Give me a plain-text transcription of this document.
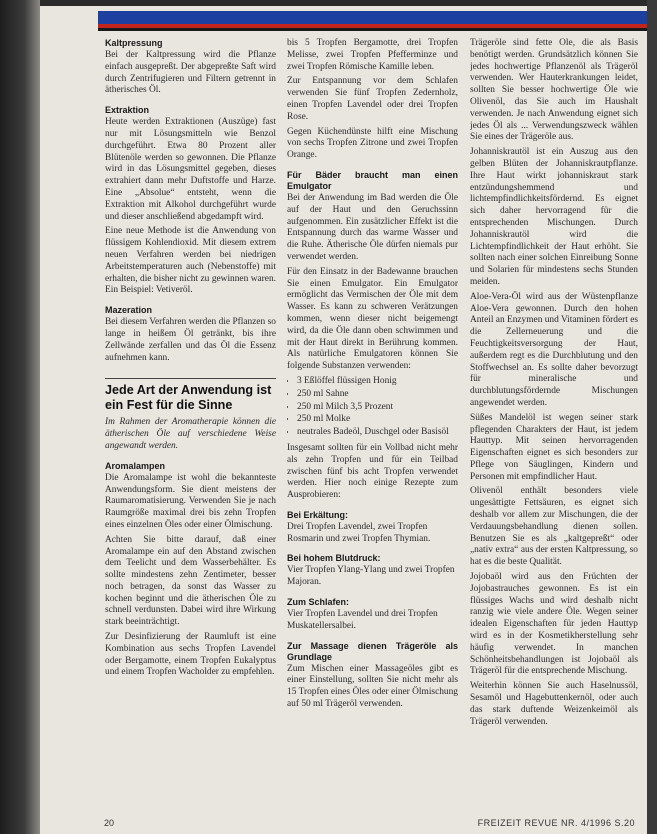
Kaltpressung

Bei der Kaltpressung wird die Pflanze einfach ausgepreßt. Der abgepreßte Saft wird durch Zentrifugieren und Filtern getrennt in ätherisches Öl.

Extraktion

Heute werden Extraktionen (Auszüge) fast nur mit Lösungsmitteln wie Benzol durchgeführt. Etwa 80 Prozent aller Blütenöle werden so gewonnen. Die Pflanze wird in das Lösungsmittel gegeben, dieses extrahiert dann mehr Duftstoffe und Harze. Eine „Absolue“ entsteht, wenn die Extraktion mit Alkohol durchgeführt wurde und dieser anschließend abgedampft wird.

Eine neue Methode ist die Anwendung von flüssigem Kohlendioxid. Mit diesem extrem neuen Verfahren werden bei niedrigen Arbeitstemperaturen auch (Nebenstoffe) mit erhalten, die bisher nicht zu gewinnen waren. Ein Beispiel: Vetiveröl.

Mazeration

Bei diesem Verfahren werden die Pflanzen so lange in heißem Öl getränkt, bis ihre Zellwände zerfallen und das Öl die Essenz aufnehmen kann.

Jede Art der Anwendung ist ein Fest für die Sinne

Im Rahmen der Aromatherapie können die ätherischen Öle auf verschiedene Weise angewandt werden.

Aromalampen

Die Aromalampe ist wohl die bekannteste Anwendungsform. Sie dient meistens der Raumaromatisierung. Verwenden Sie je nach Raumgröße maximal drei bis zehn Tropfen eines einzelnen Öles oder einer Ölmischung.

Achten Sie bitte darauf, daß einer Aromalampe ein auf den Abstand zwischen dem Teelicht und dem Wasserbehälter. Es sollte mindestens zehn Zentimeter, besser noch betragen, da sonst das Wasser zu kochen beginnt und die ätherischen Öle zu schnell verdunsten. Dabei wird ihre Wirkung stark beeinträchtigt.

Zur Desinfizierung der Raumluft ist eine Kombination aus sechs Tropfen Lavendel oder Bergamotte, einem Tropfen Eukalyptus und einem Tropfen Wacholder zu empfehlen.

bis 5 Tropfen Bergamotte, drei Tropfen Melisse, zwei Tropfen Pfefferminze und zwei Tropfen Römische Kamille leben.

Zur Entspannung vor dem Schlafen verwenden Sie fünf Tropfen Zedernholz, einen Tropfen Lavendel oder drei Tropfen Rose.

Gegen Küchendünste hilft eine Mischung von sechs Tropfen Zitrone und zwei Tropfen Orange.

Für Bäder braucht man einen Emulgator

Bei der Anwendung im Bad werden die Öle auf der Haut und den Geruchssinn aufgenommen. Ein zusätzlicher Effekt ist die Entspannung durch das warme Wasser und die Ruhe. Ätherische Öle dürfen niemals pur verwendet werden.

Für den Einsatz in der Badewanne brauchen Sie einen Emulgator. Ein Emulgator ermöglicht das Vermischen der Öle mit dem Wasser. Es kann zu schweren Verätzungen kommen, wenn dieser nicht beigemengt wird, da die Öle dann oben schwimmen und mit der Haut direkt in Berührung kommen. Als natürliche Emulgatoren können Sie folgende Substanzen verwenden:

• 3 Eßlöffel flüssigen Honig
• 250 ml Sahne
• 250 ml Milch 3,5 Prozent
• 250 ml Molke
• neutrales Badeöl, Duschgel oder Basisöl

Insgesamt sollten für ein Vollbad nicht mehr als zehn Tropfen und für ein Teilbad zwischen fünf bis acht Tropfen verwendet werden. Hier noch einige Rezepte zum Ausprobieren:

Bei Erkältung:

Drei Tropfen Lavendel, zwei Tropfen Rosmarin und zwei Tropfen Thymian.

Bei hohem Blutdruck:

Vier Tropfen Ylang-Ylang und zwei Tropfen Majoran.

Zum Schlafen:

Vier Tropfen Lavendel und drei Tropfen Muskatellersalbei.

Zur Massage dienen Trägeröle als Grundlage

Zum Mischen einer Massageöles gibt es einer Einstellung, sollten Sie nicht mehr als 15 Tropfen eines Öles oder einer Ölmischung auf 50 ml Trägeröl verwenden.

Trägeröle sind fette Öle, die als Basis benötigt werden. Grundsätzlich können Sie jedes hochwertige Pflanzenöl als Trägeröl verwenden. Wer Hauterkrankungen leidet, sollten Sie besser hochwertige Öle wie Olivenöl, das Sie auch im Haushalt verwenden. Je nach Anwendung eignet sich jedes Öl als ... Verwendungszweck wählen Sie eines der Trägeröle aus.

Johanniskrautöl ist ein Auszug aus den gelben Blüten der Johanniskrautpflanze. Ihre Haut wirkt johanniskraut stark entzündungshemmend und lichtempfindlichkeitsfördernd. Es eignet sich daher hervorragend für die entsprechenden Mischungen. Durch Johanniskrautöl wird die Lichtempfindlichkeit der Haut erhöht. Sie sollten nach einer solchen Einreibung Sonne und Solarien für mindestens sechs Stunden meiden.

Aloe-Vera-Öl wird aus der Wüstenpflanze Aloe-Vera gewonnen. Durch den hohen Anteil an Enzymen und Vitaminen fördert es die Zellerneuerung und die Feuchtigkeitsversorgung der Haut, außerdem regt es die Durchblutung und den Stoffwechsel an. Es sollte daher bevorzugt für mineralische und durchblutungsfördernde Mischungen angewendet werden.

Süßes Mandelöl ist wegen seiner stark pflegenden Charakters der Haut, ist jedem Hauttyp. Mit seinen hervorragenden Eigenschaften eignet es sich besonders zur Pflege von Säuglingen, Kindern und Personen mit empfindlicher Haut.

Olivenöl enthält besonders viele ungesättigte Fettsäuren, es eignet sich deshalb vor allem zur Mischungen, die der Verdauungsbehandlung dienen sollen. Benutzen Sie es als „kaltgepreßt“ oder „nativ extra“ aus der ersten Kaltpressung, so hat es die beste Qualität.

Jojobaöl wird aus den Früchten der Jojobastrauches gewonnen. Es ist ein flüssiges Wachs und wird deshalb nicht ranzig wie viele andere Öle. Wegen seiner idealen Eigenschaften für jeden Hauttyp wird es in der Kosmetikherstellung sehr häufig verwendet. In manchen Schönheitsbehandlungen ist Jojobaöl als Trägeröl für die entsprechende Mischung.

Weiterhin können Sie auch Haselnussöl, Sesamöl und Hagebuttenkernöl, oder auch das stark duftende Weizenkeimöl als Trägeröl verwenden.

20	FREIZEIT REVUE NR. 4/1996 S.20
